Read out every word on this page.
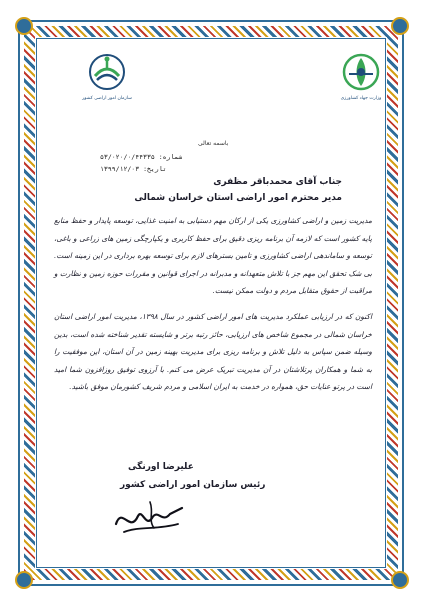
سازمان امور اراضی کشور	وزارت جهاد کشاورزی
باسمه تعالی
شماره: ۵۳/۰۲۰/۰/۴۴۳۳۵
تاریخ: ۱۳۹۹/۱۲/۰۳
جناب آقای محمدباقر مظفری
مدیر محترم امور اراضی استان خراسان شمالی
مدیریت زمین و اراضی کشاورزی یکی از ارکان مهم دستیابی به امنیت غذایی، توسعه پایدار و حفظ منابع پایه کشور است که لازمه آن برنامه ریزی دقیق برای حفظ کاربری و یکپارچگی زمین های زراعی و باغی، توسعه و ساماندهی اراضی کشاورزی و تامین بسترهای لازم برای توسعه بهره برداری در این زمینه است. بی شک تحقق این مهم جز با تلاش متعهدانه و مدبرانه در اجرای قوانین و مقررات حوزه زمین و نظارت و مراقبت از حقوق متقابل مردم و دولت ممکن نیست.
اکنون که در ارزیابی عملکرد مدیریت های امور اراضی کشور در سال ۱۳۹۸، مدیریت امور اراضی استان خراسان شمالی در مجموع شاخص های ارزیابی، حائز رتبه برتر و شایسته تقدیر شناخته شده است، بدین وسیله ضمن سپاس به دلیل تلاش و برنامه ریزی برای مدیریت بهینه زمین در آن استان، این موفقیت را به شما و همکاران پرتلاشتان در آن مدیریت تبریک عرض می کنم. با آرزوی توفیق روزافزون شما امید است در پرتو عنایات حق، همواره در خدمت به ایران اسلامی و مردم شریف کشورمان موفق باشید.
علیرضا اورنگی
رئیس سازمان امور اراضی کشور
